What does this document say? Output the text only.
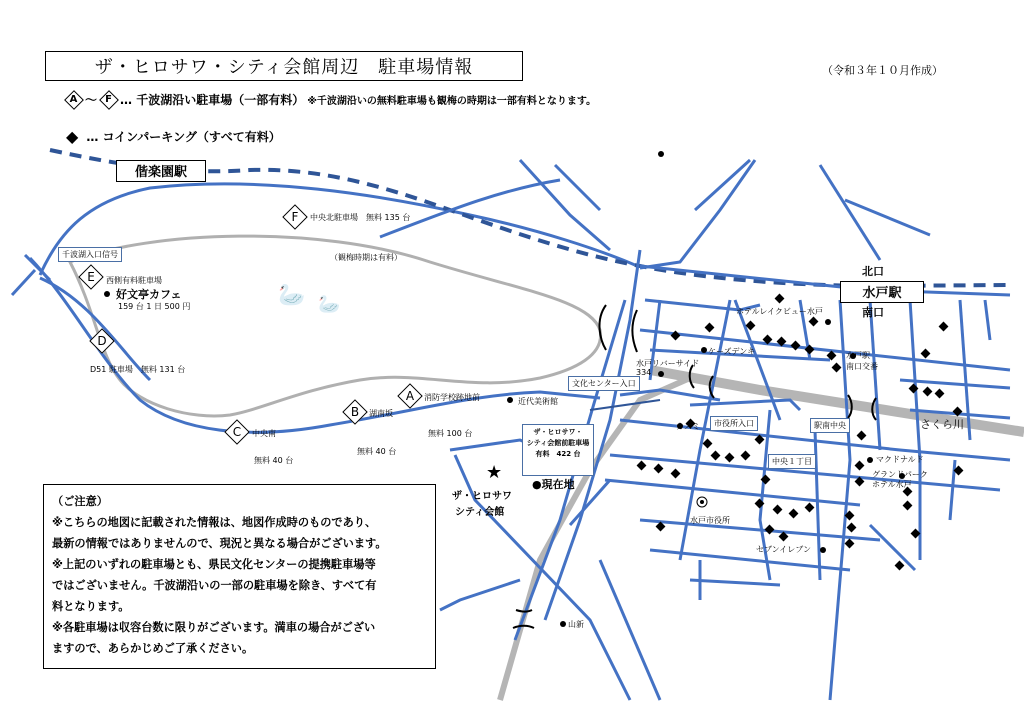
🦢 🦢
ザ・ヒロサワ・シティ会館周辺　駐車場情報	（令和３年１０月作成）
A ～ F … 千波湖沿い駐車場（一部有料） ※千波湖沿いの無料駐車場も観梅の時期は一部有料となります。
◆ … コインパーキング（すべて有料）
偕楽園駅
北口
水戸駅
南口
F	中央北駐車場　 無料 135 台
（観梅時期は有料）
千波湖入口信号
E	西側有料駐車場
好文亭カフェ
159 台 1 日 500 円
D
D51 駐車場　 無料 131 台
A	消防学校跡地前
無料 100 台
B	湖南坂
無料 40 台
C	中央南
無料 40 台
文化センター入口
近代美術館
ザ・ヒロサワ・
シティ会館前駐車場
有料　422 台
●現在地
★
ザ・ヒロサワ
シティ会館
ホテルレイクビュー水戸
水戸リバーサイド
334
ケーズデンキ
カスミ	市役所入口	駅南中央
中央１丁目
水戸市役所
セブンイレブン
さくら川
水戸駅
南口交番
マクドナルド
グランドパーク
ホテル水戸
山新
（ご注意）
※こちらの地図に記載された情報は、地図作成時のものであり、
最新の情報ではありませんので、現況と異なる場合がございます。
※上記のいずれの駐車場とも、県民文化センターの提携駐車場等
ではございません。千波湖沿いの一部の駐車場を除き、すべて有
料となります。
※各駐車場は収容台数に限りがございます。満車の場合がござい
ますので、あらかじめご了承ください。
